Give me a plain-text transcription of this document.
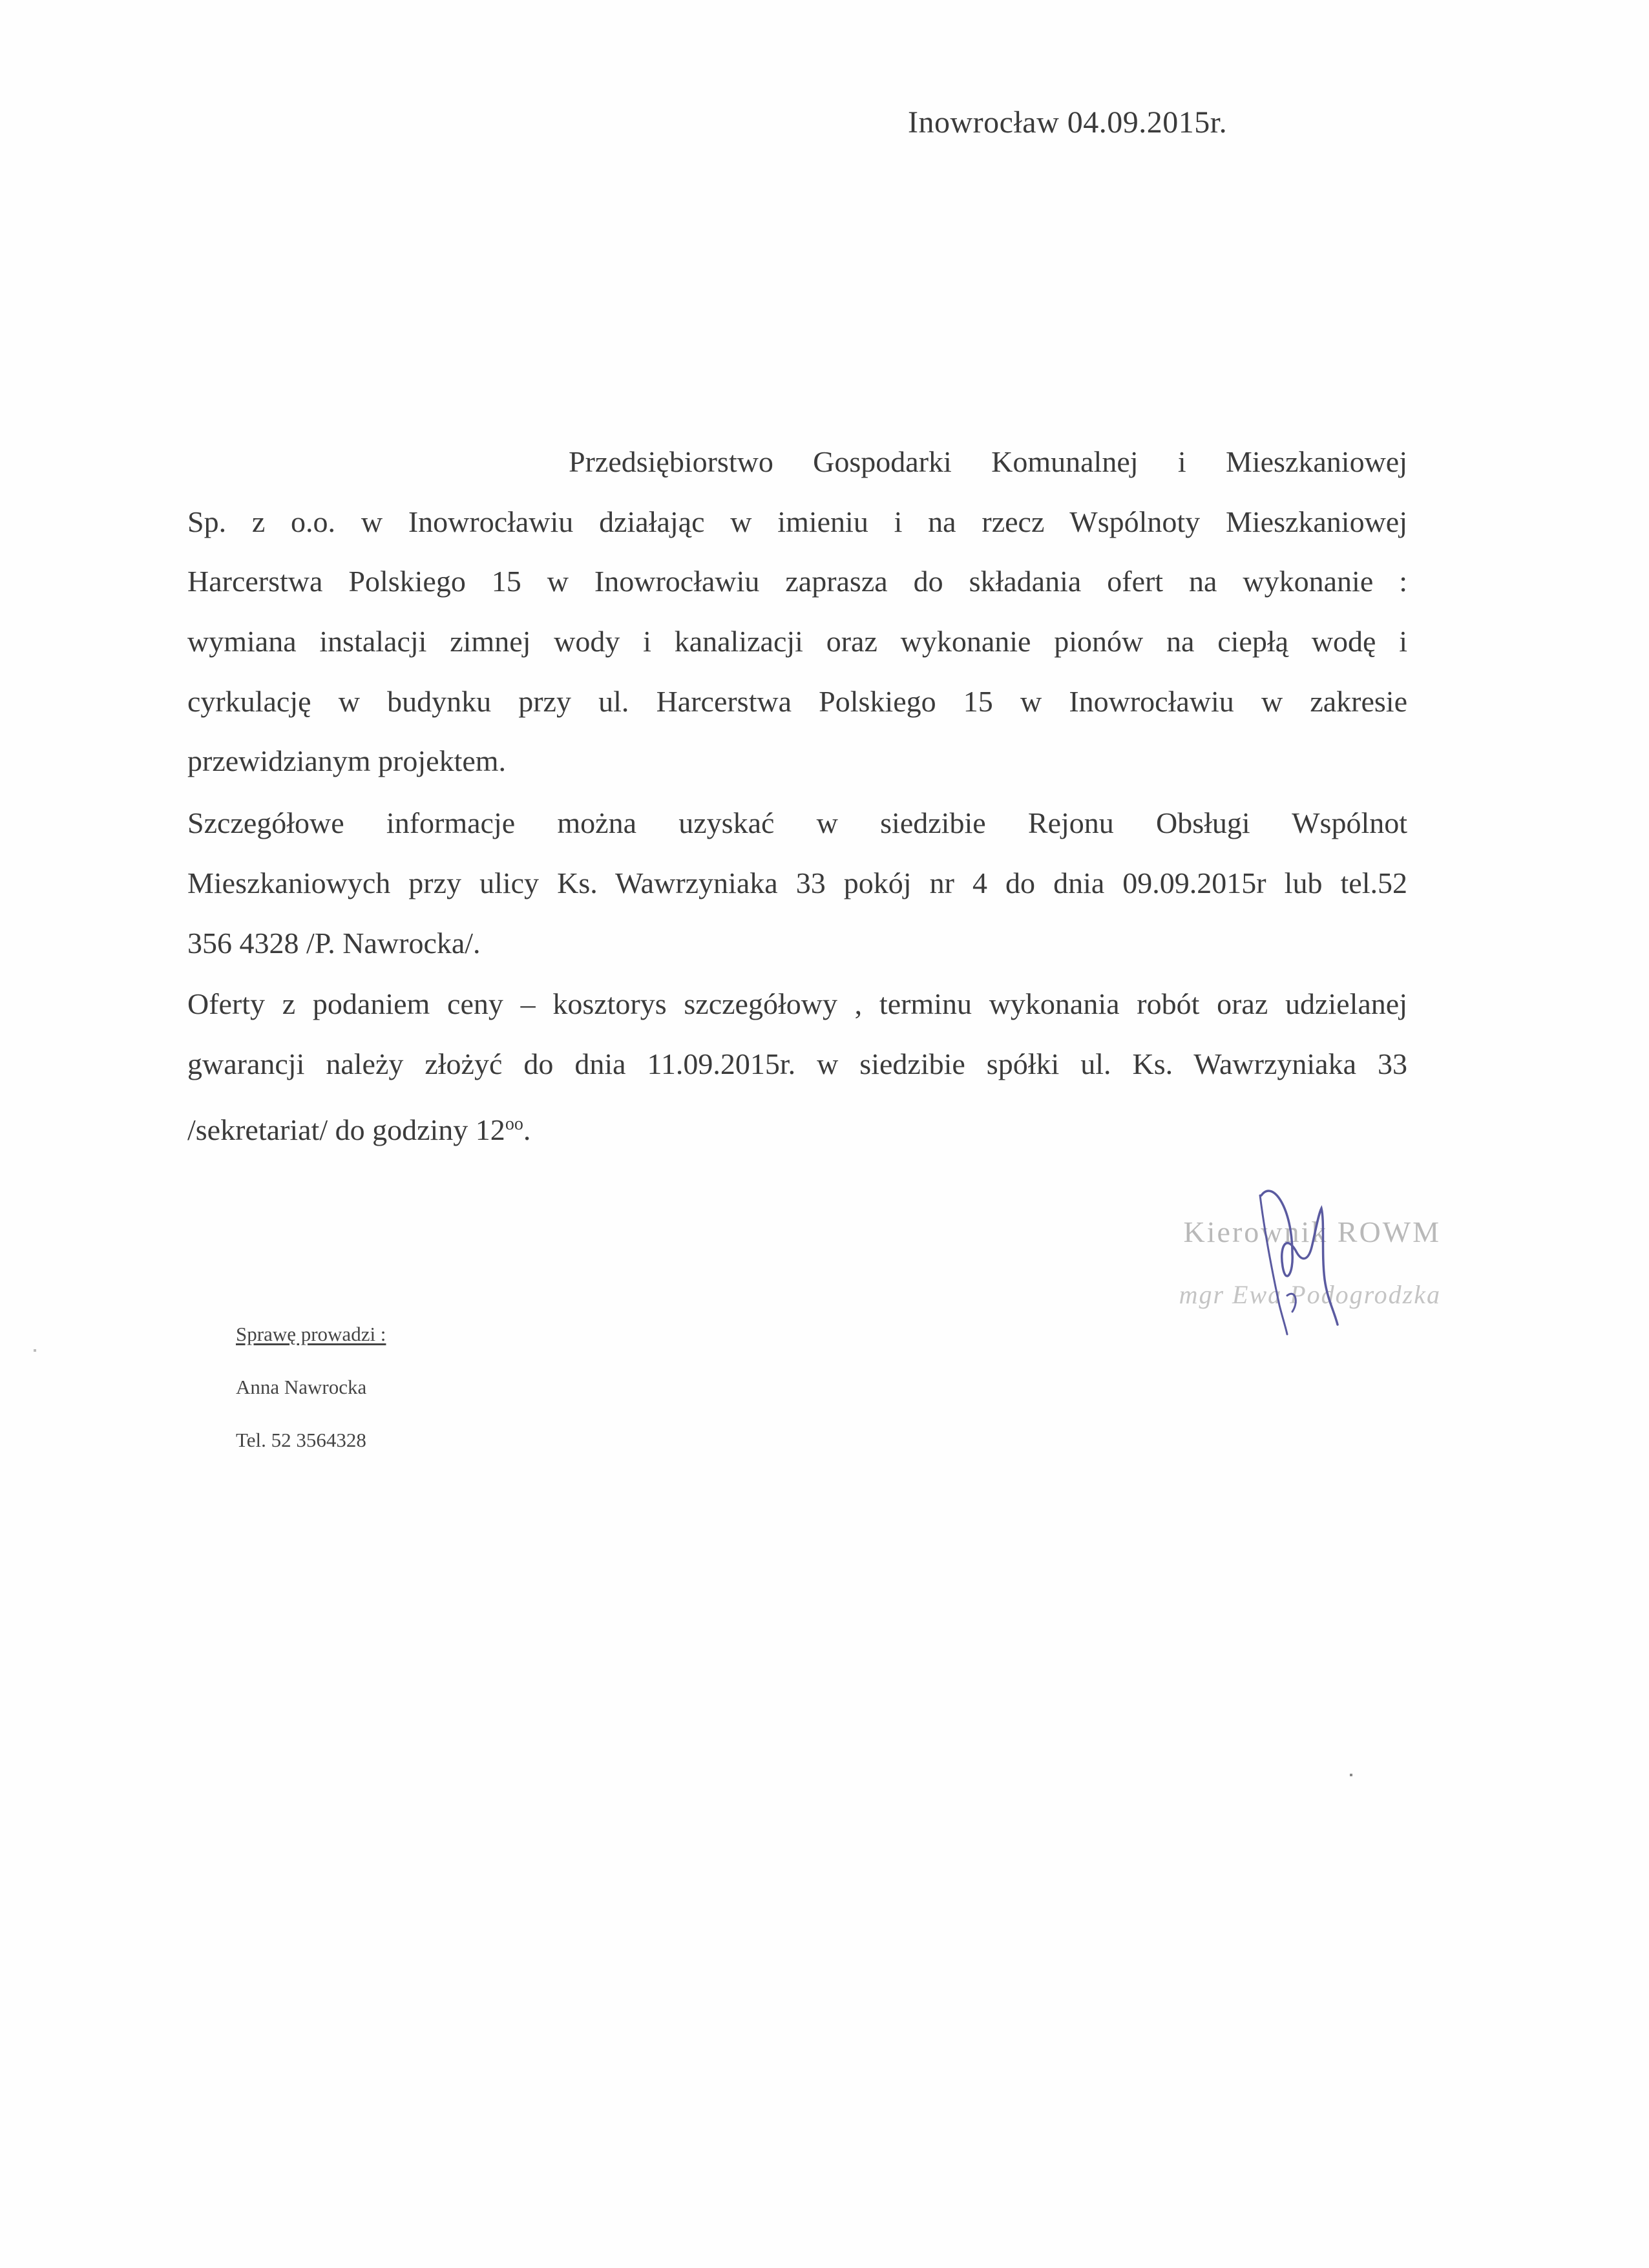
Inowrocław 04.09.2015r.
Przedsiębiorstwo Gospodarki Komunalnej i Mieszkaniowej
Sp. z o.o. w Inowrocławiu działając w imieniu i na rzecz Wspólnoty Mieszkaniowej
Harcerstwa Polskiego 15 w Inowrocławiu zaprasza do składania ofert na wykonanie :
wymiana instalacji zimnej wody i kanalizacji oraz wykonanie pionów na ciepłą wodę i
cyrkulację w budynku przy ul. Harcerstwa Polskiego 15 w Inowrocławiu w zakresie
przewidzianym projektem.
Szczegółowe informacje można uzyskać w siedzibie Rejonu Obsługi Wspólnot
Mieszkaniowych przy ulicy Ks. Wawrzyniaka 33 pokój nr 4 do dnia 09.09.2015r lub tel.52
356 4328 /P. Nawrocka/.
Oferty z podaniem ceny – kosztorys szczegółowy , terminu wykonania robót oraz udzielanej
gwarancji należy złożyć do dnia 11.09.2015r. w siedzibie spółki ul. Ks. Wawrzyniaka 33
/sekretariat/ do godziny $12^{oo}$.
Kierownik ROWM
mgr Ewa Podogrodzka
Sprawę prowadzi :
Anna Nawrocka
Tel. 52 3564328
